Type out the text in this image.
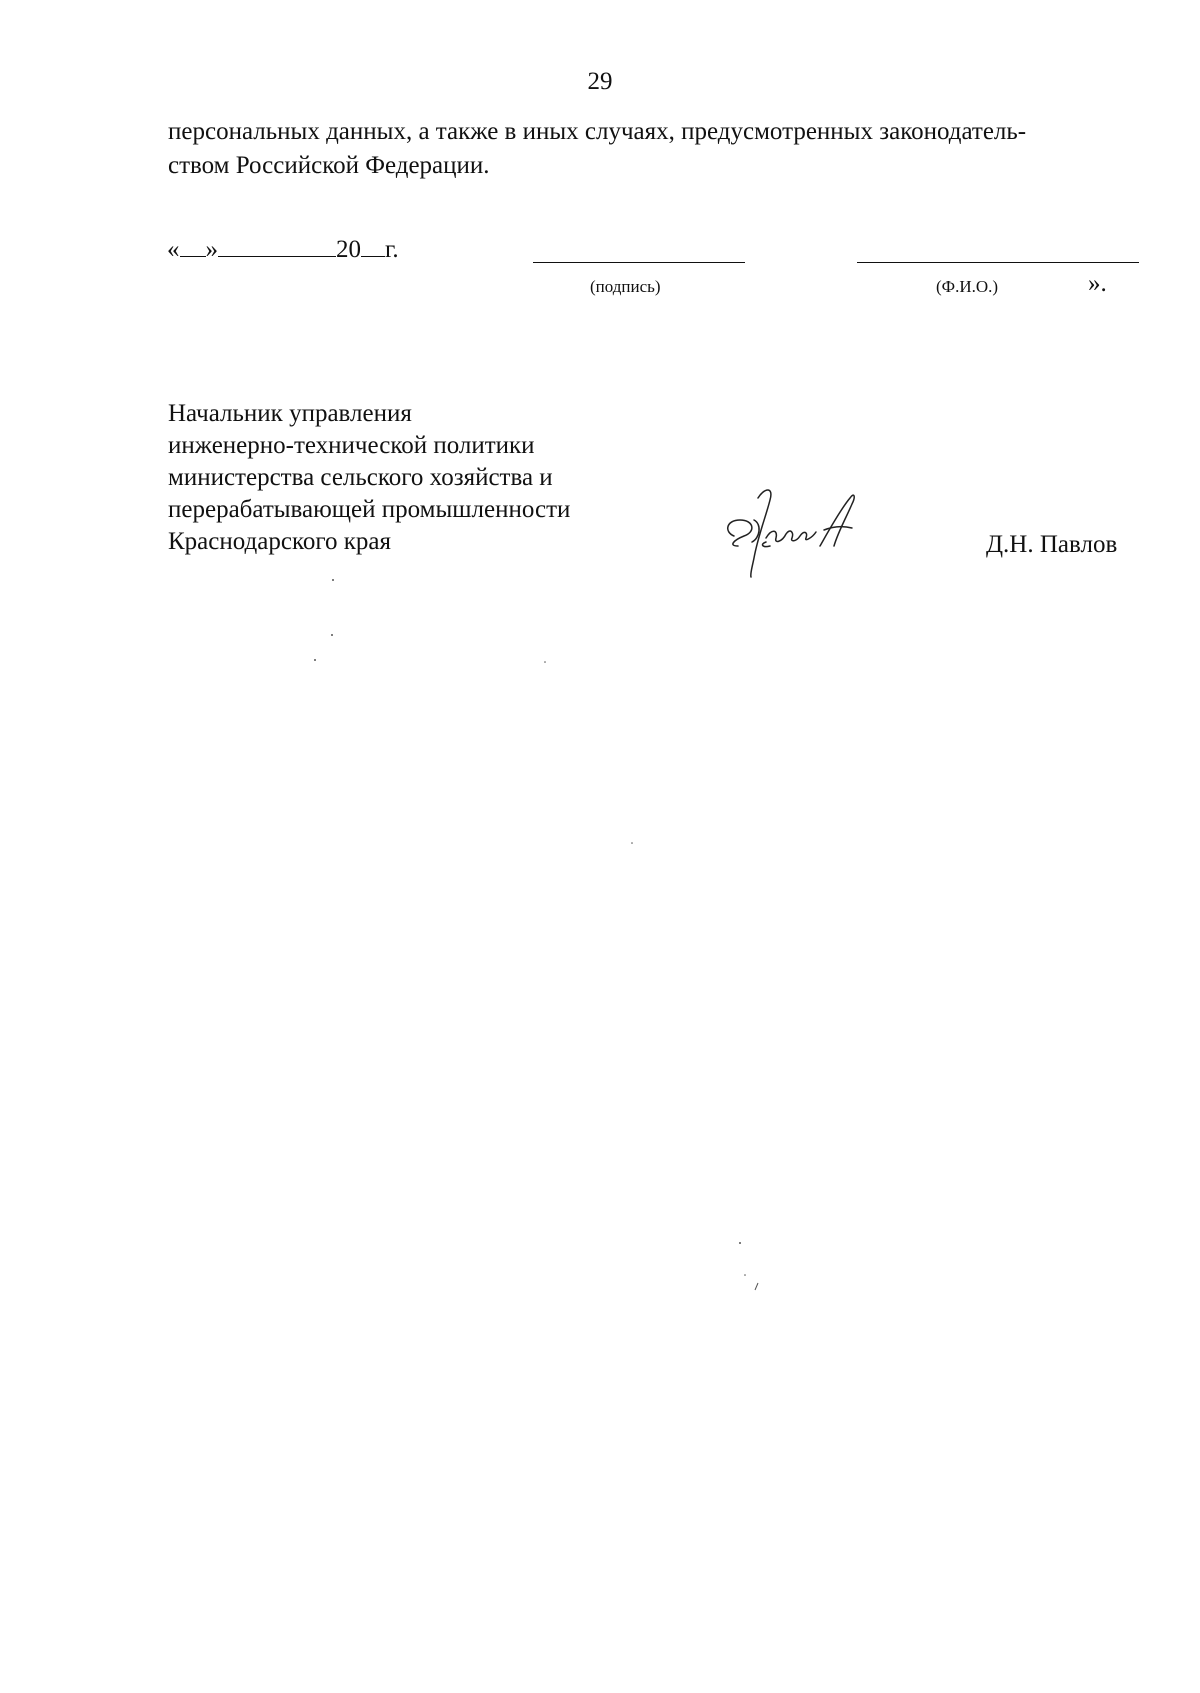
29
персональных данных, а также в иных случаях, предусмотренных законодатель-
ством Российской Федерации.
« »	20 г.
(подпись)	(Ф.И.О.)	».
Начальник управления
инженерно-технической политики
министерства сельского хозяйства и
перерабатывающей промышленности
Краснодарского края	Д.Н. Павлов
